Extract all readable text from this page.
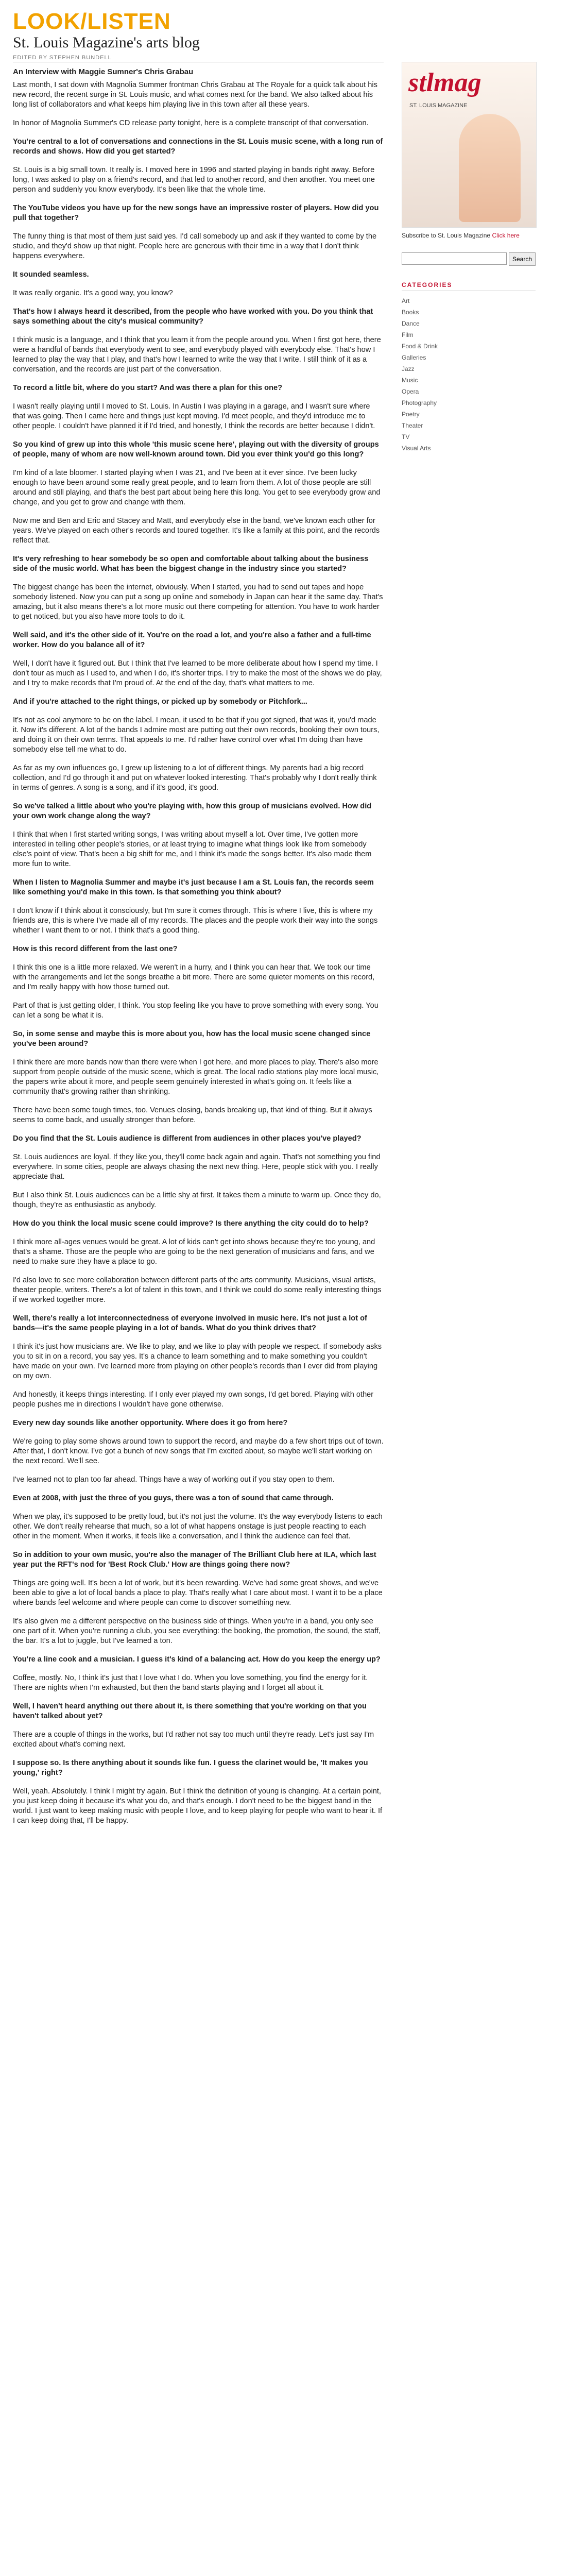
LOOK/LISTEN
St. Louis Magazine's arts blog
EDITED BY STEPHEN BUNDELL
An Interview with Maggie Sumner's Chris Grabau

Last month, I sat down with Magnolia Summer frontman Chris Grabau at The Royale for a quick talk about his new record, the recent surge in St. Louis music, and what comes next for the band. We also talked about his long list of collaborators and what keeps him playing live in this town after all these years.

In honor of Magnolia Summer's CD release party tonight, here is a complete transcript of that conversation.

You're central to a lot of conversations and connections in the St. Louis music scene, with a long run of records and shows. How did you get started?

St. Louis is a big small town. It really is. I moved here in 1996 and started playing in bands right away. Before long, I was asked to play on a friend's record, and that led to another record, and then another. You meet one person and suddenly you know everybody. It's been like that the whole time.

The YouTube videos you have up for the new songs have an impressive roster of players. How did you pull that together?

The funny thing is that most of them just said yes. I'd call somebody up and ask if they wanted to come by the studio, and they'd show up that night. People here are generous with their time in a way that I don't think happens everywhere.

It sounded seamless.

It was really organic. It's a good way, you know?

That's how I always heard it described, from the people who have worked with you. Do you think that says something about the city's musical community?

I think music is a language, and I think that you learn it from the people around you. When I first got here, there were a handful of bands that everybody went to see, and everybody played with everybody else. That's how I learned to play the way that I play, and that's how I learned to write the way that I write. I still think of it as a conversation, and the records are just part of the conversation.

To record a little bit, where do you start? And was there a plan for this one?

I wasn't really playing until I moved to St. Louis. In Austin I was playing in a garage, and I wasn't sure where that was going. Then I came here and things just kept moving. I'd meet people, and they'd introduce me to other people. I couldn't have planned it if I'd tried, and honestly, I think the records are better because I didn't.

So you kind of grew up into this whole 'this music scene here', playing out with the diversity of groups of people, many of whom are now well-known around town. Did you ever think you'd go this long?

I'm kind of a late bloomer. I started playing when I was 21, and I've been at it ever since. I've been lucky enough to have been around some really great people, and to learn from them. A lot of those people are still around and still playing, and that's the best part about being here this long. You get to see everybody grow and change, and you get to grow and change with them.

Now me and Ben and Eric and Stacey and Matt, and everybody else in the band, we've known each other for years. We've played on each other's records and toured together. It's like a family at this point, and the records reflect that.

It's very refreshing to hear somebody be so open and comfortable about talking about the business side of the music world. What has been the biggest change in the industry since you started?

The biggest change has been the internet, obviously. When I started, you had to send out tapes and hope somebody listened. Now you can put a song up online and somebody in Japan can hear it the same day. That's amazing, but it also means there's a lot more music out there competing for attention. You have to work harder to get noticed, but you also have more tools to do it.

Well said, and it's the other side of it. You're on the road a lot, and you're also a father and a full-time worker. How do you balance all of it?

Well, I don't have it figured out. But I think that I've learned to be more deliberate about how I spend my time. I don't tour as much as I used to, and when I do, it's shorter trips. I try to make the most of the shows we do play, and I try to make records that I'm proud of. At the end of the day, that's what matters to me.

And if you're attached to the right things, or picked up by somebody or Pitchfork...

It's not as cool anymore to be on the label. I mean, it used to be that if you got signed, that was it, you'd made it. Now it's different. A lot of the bands I admire most are putting out their own records, booking their own tours, and doing it on their own terms. That appeals to me. I'd rather have control over what I'm doing than have somebody else tell me what to do.

As far as my own influences go, I grew up listening to a lot of different things. My parents had a big record collection, and I'd go through it and put on whatever looked interesting. That's probably why I don't really think in terms of genres. A song is a song, and if it's good, it's good.

So we've talked a little about who you're playing with, how this group of musicians evolved. How did your own work change along the way?

I think that when I first started writing songs, I was writing about myself a lot. Over time, I've gotten more interested in telling other people's stories, or at least trying to imagine what things look like from somebody else's point of view. That's been a big shift for me, and I think it's made the songs better. It's also made them more fun to write.

When I listen to Magnolia Summer and maybe it's just because I am a St. Louis fan, the records seem like something you'd make in this town. Is that something you think about?

I don't know if I think about it consciously, but I'm sure it comes through. This is where I live, this is where my friends are, this is where I've made all of my records. The places and the people work their way into the songs whether I want them to or not. I think that's a good thing.

How is this record different from the last one?

I think this one is a little more relaxed. We weren't in a hurry, and I think you can hear that. We took our time with the arrangements and let the songs breathe a bit more. There are some quieter moments on this record, and I'm really happy with how those turned out.

Part of that is just getting older, I think. You stop feeling like you have to prove something with every song. You can let a song be what it is.

So, in some sense and maybe this is more about you, how has the local music scene changed since you've been around?

I think there are more bands now than there were when I got here, and more places to play. There's also more support from people outside of the music scene, which is great. The local radio stations play more local music, the papers write about it more, and people seem genuinely interested in what's going on. It feels like a community that's growing rather than shrinking.

There have been some tough times, too. Venues closing, bands breaking up, that kind of thing. But it always seems to come back, and usually stronger than before.

Do you find that the St. Louis audience is different from audiences in other places you've played?

St. Louis audiences are loyal. If they like you, they'll come back again and again. That's not something you find everywhere. In some cities, people are always chasing the next new thing. Here, people stick with you. I really appreciate that.

But I also think St. Louis audiences can be a little shy at first. It takes them a minute to warm up. Once they do, though, they're as enthusiastic as anybody.

How do you think the local music scene could improve? Is there anything the city could do to help?

I think more all-ages venues would be great. A lot of kids can't get into shows because they're too young, and that's a shame. Those are the people who are going to be the next generation of musicians and fans, and we need to make sure they have a place to go.

I'd also love to see more collaboration between different parts of the arts community. Musicians, visual artists, theater people, writers. There's a lot of talent in this town, and I think we could do some really interesting things if we worked together more.

Well, there's really a lot interconnectedness of everyone involved in music here. It's not just a lot of bands—it's the same people playing in a lot of bands. What do you think drives that?

I think it's just how musicians are. We like to play, and we like to play with people we respect. If somebody asks you to sit in on a record, you say yes. It's a chance to learn something and to make something you couldn't have made on your own. I've learned more from playing on other people's records than I ever did from playing on my own.

And honestly, it keeps things interesting. If I only ever played my own songs, I'd get bored. Playing with other people pushes me in directions I wouldn't have gone otherwise.

Every new day sounds like another opportunity. Where does it go from here?

We're going to play some shows around town to support the record, and maybe do a few short trips out of town. After that, I don't know. I've got a bunch of new songs that I'm excited about, so maybe we'll start working on the next record. We'll see.

I've learned not to plan too far ahead. Things have a way of working out if you stay open to them.

Even at 2008, with just the three of you guys, there was a ton of sound that came through.

When we play, it's supposed to be pretty loud, but it's not just the volume. It's the way everybody listens to each other. We don't really rehearse that much, so a lot of what happens onstage is just people reacting to each other in the moment. When it works, it feels like a conversation, and I think the audience can feel that.

So in addition to your own music, you're also the manager of The Brilliant Club here at ILA, which last year put the RFT's nod for 'Best Rock Club.' How are things going there now?

Things are going well. It's been a lot of work, but it's been rewarding. We've had some great shows, and we've been able to give a lot of local bands a place to play. That's really what I care about most. I want it to be a place where bands feel welcome and where people can come to discover something new.

It's also given me a different perspective on the business side of things. When you're in a band, you only see one part of it. When you're running a club, you see everything: the booking, the promotion, the sound, the staff, the bar. It's a lot to juggle, but I've learned a ton.

You're a line cook and a musician. I guess it's kind of a balancing act. How do you keep the energy up?

Coffee, mostly. No, I think it's just that I love what I do. When you love something, you find the energy for it. There are nights when I'm exhausted, but then the band starts playing and I forget all about it.

Well, I haven't heard anything out there about it, is there something that you're working on that you haven't talked about yet?

There are a couple of things in the works, but I'd rather not say too much until they're ready. Let's just say I'm excited about what's coming next.

I suppose so. Is there anything about it sounds like fun. I guess the clarinet would be, 'It makes you young,' right?

Well, yeah. Absolutely. I think I might try again. But I think the definition of young is changing. At a certain point, you just keep doing it because it's what you do, and that's enough. I don't need to be the biggest band in the world. I just want to keep making music with people I love, and to keep playing for people who want to hear it. If I can keep doing that, I'll be happy.

stlmag
ST. LOUIS MAGAZINE
Subscribe to St. Louis Magazine Click here
Search
CATEGORIES
Art
Books
Dance
Film
Food & Drink
Galleries
Jazz
Music
Opera
Photography
Poetry
Theater
TV
Visual Arts
